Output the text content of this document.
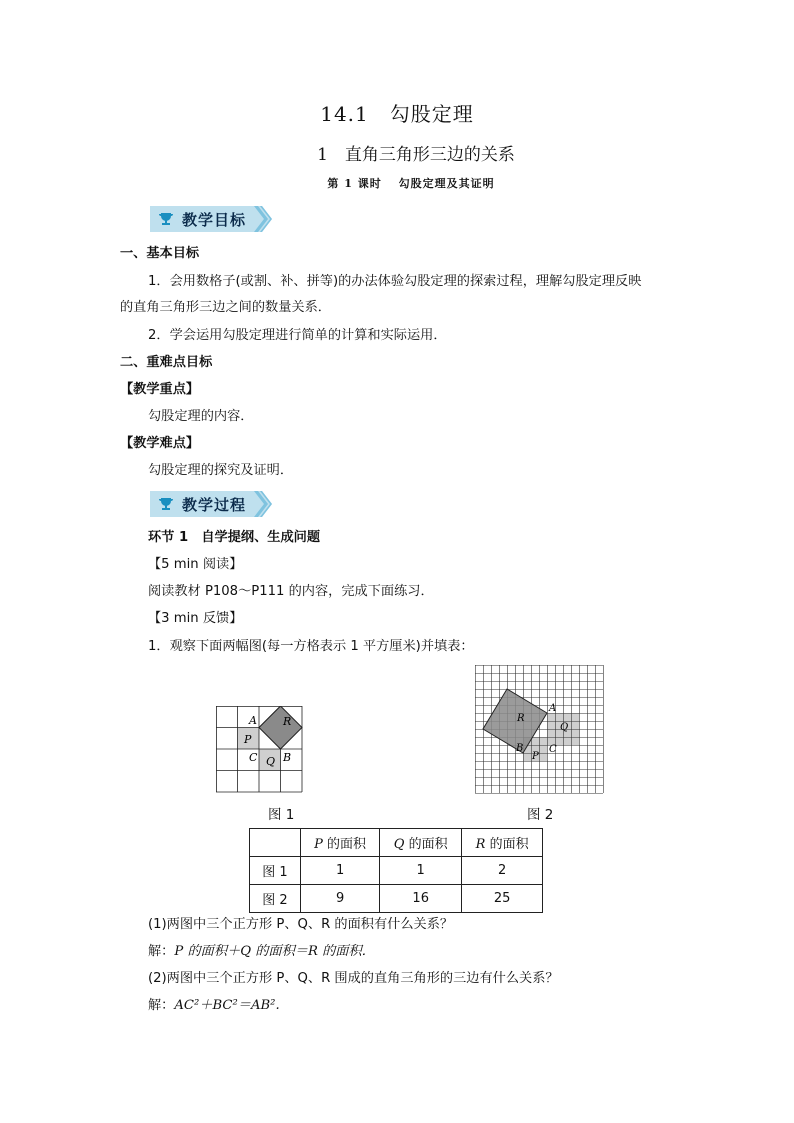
14.1　勾股定理
1　直角三角形三边的关系
第 1 课时　 勾股定理及其证明
教学目标
一、基本目标
1．会用数格子(或割、补、拼等)的办法体验勾股定理的探索过程，理解勾股定理反映
的直角三角形三边之间的数量关系．
2．学会运用勾股定理进行简单的计算和实际运用．
二、重难点目标
【教学重点】
勾股定理的内容．
【教学难点】
勾股定理的探究及证明．
教学过程
环节 1　自学提纲、生成问题
【5 min 阅读】
阅读教材 P108～P111 的内容，完成下面练习．
【3 min 反馈】
1．观察下面两幅图(每一方格表示 1 平方厘米)并填表：
A R
P
C Q B
图 1
R
A
Q
B	C
P
图 2
	P 的面积	Q 的面积	R 的面积
图 1	1	1	2
图 2	9	16	25
(1)两图中三个正方形 P、Q、R 的面积有什么关系？
解：P 的面积＋Q 的面积＝R 的面积．
(2)两图中三个正方形 P、Q、R 围成的直角三角形的三边有什么关系？
解：AC²＋BC²＝AB².
